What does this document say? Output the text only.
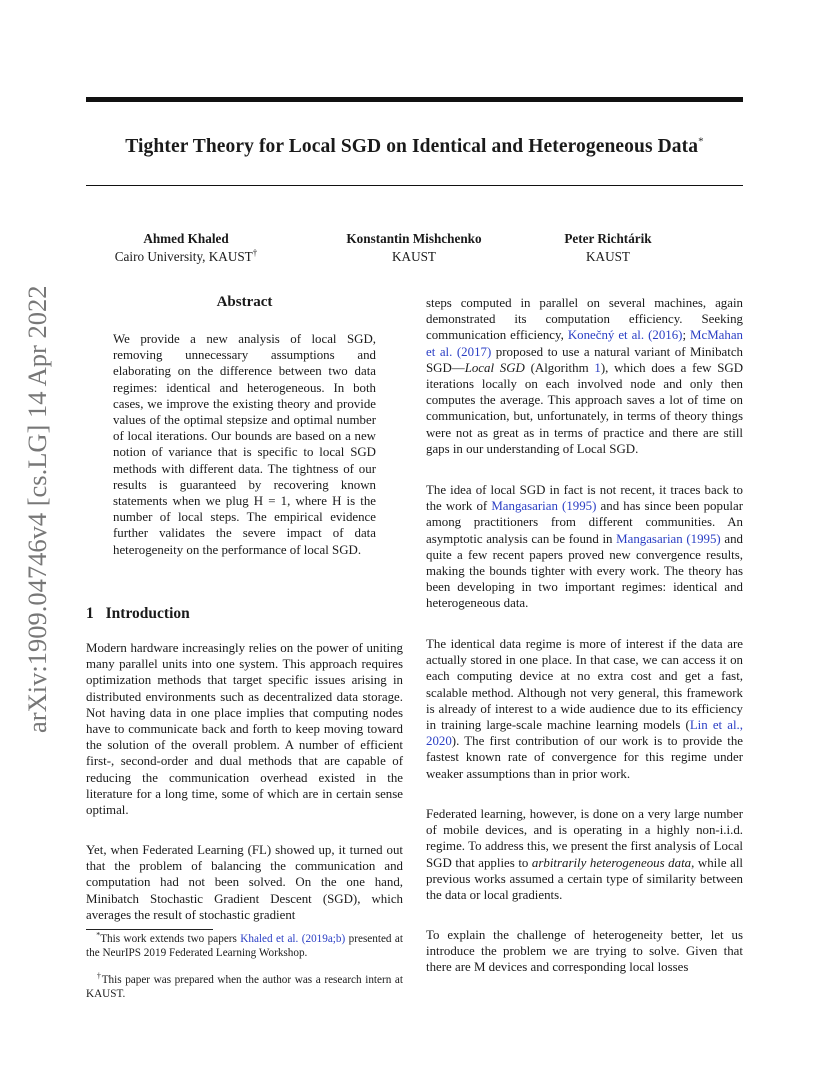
Tighter Theory for Local SGD on Identical and Heterogeneous Data*
Ahmed Khaled
Cairo University, KAUST†
Konstantin Mishchenko
KAUST
Peter Richtárik
KAUST
arXiv:1909.04746v4 [cs.LG] 14 Apr 2022	Abstract

We provide a new analysis of local SGD, removing unnecessary assumptions and elaborating on the difference between two data regimes: identical and heterogeneous. In both cases, we improve the existing theory and provide values of the optimal stepsize and optimal number of local iterations. Our bounds are based on a new notion of variance that is specific to local SGD methods with different data. The tightness of our results is guaranteed by recovering known statements when we plug H = 1, where H is the number of local steps. The empirical evidence further validates the severe impact of data heterogeneity on the performance of local SGD.

1 Introduction

Modern hardware increasingly relies on the power of uniting many parallel units into one system. This approach requires optimization methods that target specific issues arising in distributed environments such as decentralized data storage. Not having data in one place implies that computing nodes have to communicate back and forth to keep moving toward the solution of the overall problem. A number of efficient first-, second-order and dual methods that are capable of reducing the communication overhead existed in the literature for a long time, some of which are in certain sense optimal.

Yet, when Federated Learning (FL) showed up, it turned out that the problem of balancing the communication and computation had not been solved. On the one hand, Minibatch Stochastic Gradient Descent (SGD), which averages the result of stochastic gradient

*This work extends two papers Khaled et al. (2019a;b) presented at the NeurIPS 2019 Federated Learning Workshop.

†This paper was prepared when the author was a research intern at KAUST.

steps computed in parallel on several machines, again demonstrated its computation efficiency. Seeking communication efficiency, Konečný et al. (2016); McMahan et al. (2017) proposed to use a natural variant of Minibatch SGD—Local SGD (Algorithm 1), which does a few SGD iterations locally on each involved node and only then computes the average. This approach saves a lot of time on communication, but, unfortunately, in terms of theory things were not as great as in terms of practice and there are still gaps in our understanding of Local SGD.

The idea of local SGD in fact is not recent, it traces back to the work of Mangasarian (1995) and has since been popular among practitioners from different communities. An asymptotic analysis can be found in Mangasarian (1995) and quite a few recent papers proved new convergence results, making the bounds tighter with every work. The theory has been developing in two important regimes: identical and heterogeneous data.

The identical data regime is more of interest if the data are actually stored in one place. In that case, we can access it on each computing device at no extra cost and get a fast, scalable method. Although not very general, this framework is already of interest to a wide audience due to its efficiency in training large-scale machine learning models (Lin et al., 2020). The first contribution of our work is to provide the fastest known rate of convergence for this regime under weaker assumptions than in prior work.

Federated learning, however, is done on a very large number of mobile devices, and is operating in a highly non-i.i.d. regime. To address this, we present the first analysis of Local SGD that applies to arbitrarily heterogeneous data, while all previous works assumed a certain type of similarity between the data or local gradients.

To explain the challenge of heterogeneity better, let us introduce the problem we are trying to solve. Given that there are M devices and corresponding local losses
